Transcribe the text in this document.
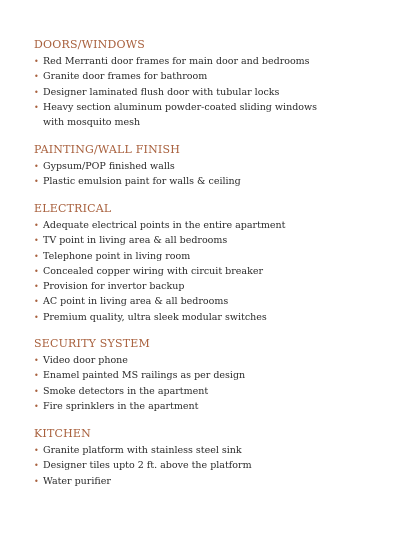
DOORS/WINDOWS
• Red Merranti door frames for main door and bedrooms
• Granite door frames for bathroom
• Designer laminated flush door with tubular locks
• Heavy section aluminum powder-coated sliding windows with mosquito mesh
PAINTING/WALL FINISH
• Gypsum/POP finished walls
• Plastic emulsion paint for walls & ceiling
ELECTRICAL
• Adequate electrical points in the entire apartment
• TV point in living area & all bedrooms
• Telephone point in living room
• Concealed copper wiring with circuit breaker
• Provision for invertor backup
• AC point in living area & all bedrooms
• Premium quality, ultra sleek modular switches
SECURITY SYSTEM
• Video door phone
• Enamel painted MS railings as per design
• Smoke detectors in the apartment
• Fire sprinklers in the apartment
KITCHEN
• Granite platform with stainless steel sink
• Designer tiles upto 2 ft. above the platform
• Water purifier
